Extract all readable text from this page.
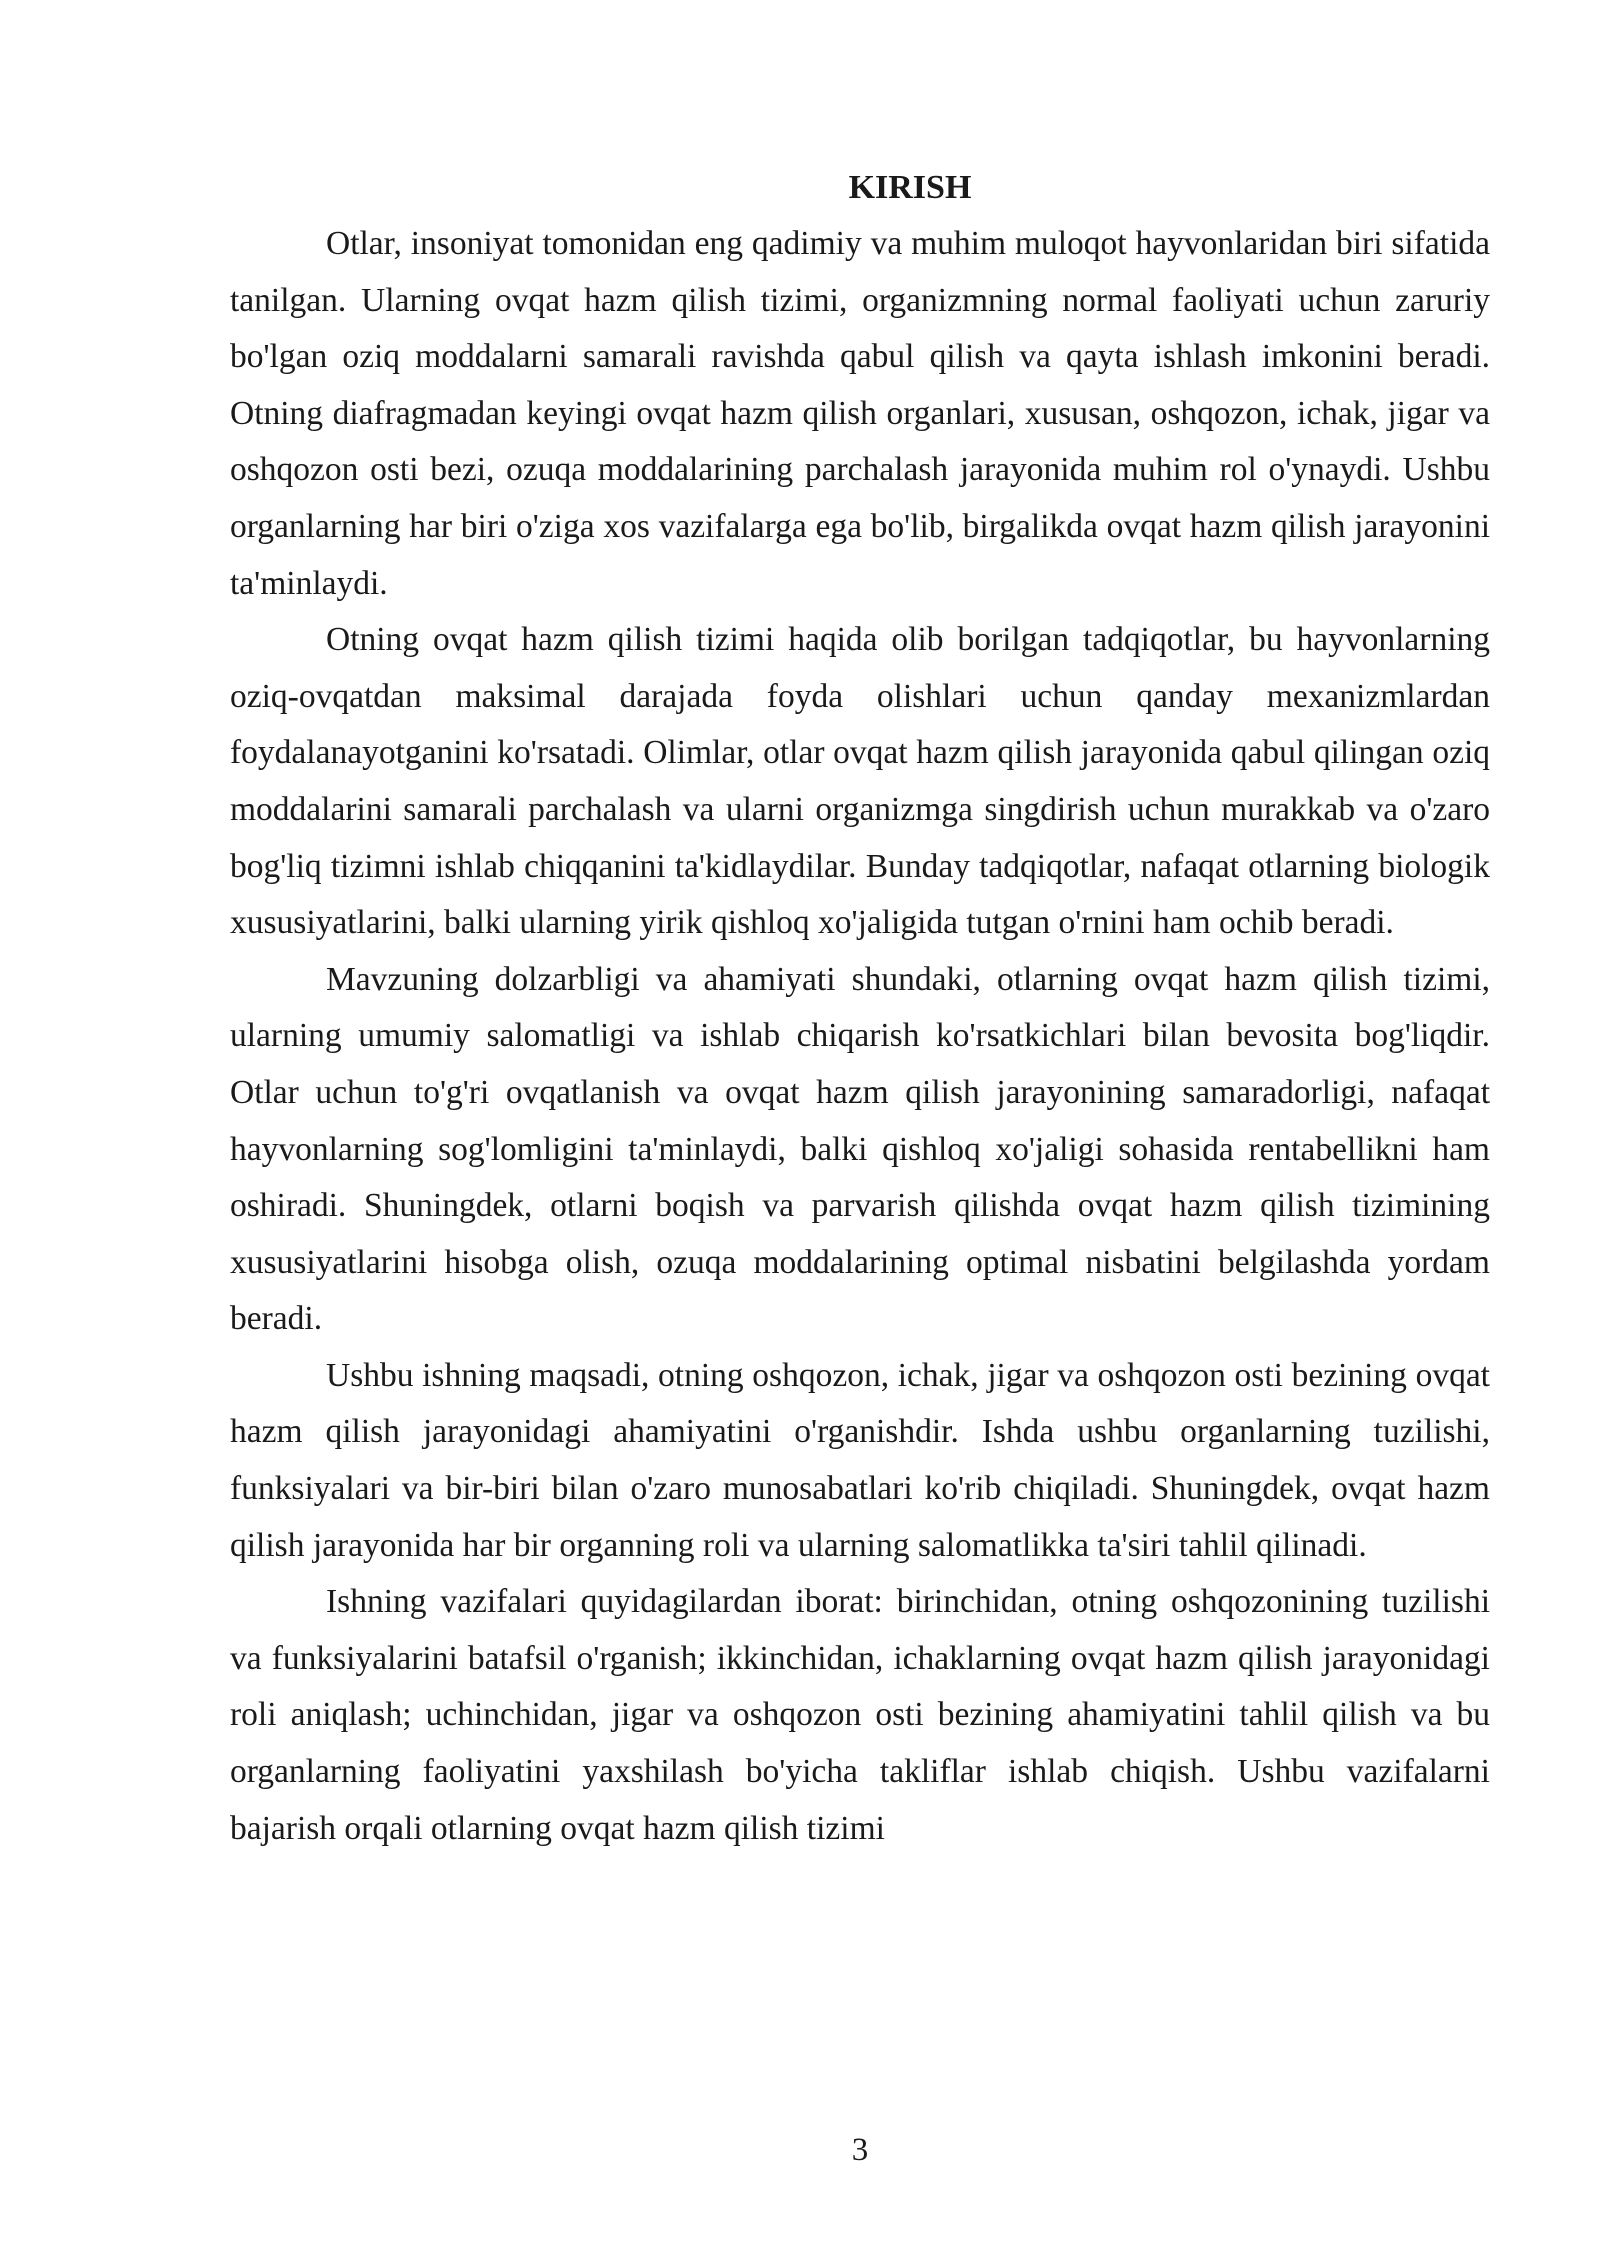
KIRISH

Otlar, insoniyat tomonidan eng qadimiy va muhim muloqot hayvonlaridan biri sifatida tanilgan. Ularning ovqat hazm qilish tizimi, organizmning normal faoliyati uchun zaruriy bo'lgan oziq moddalarni samarali ravishda qabul qilish va qayta ishlash imkonini beradi. Otning diafragmadan keyingi ovqat hazm qilish organlari, xususan, oshqozon, ichak, jigar va oshqozon osti bezi, ozuqa moddalarining parchalash jarayonida muhim rol o'ynaydi. Ushbu organlarning har biri o'ziga xos vazifalarga ega bo'lib, birgalikda ovqat hazm qilish jarayonini ta'minlaydi.

Otning ovqat hazm qilish tizimi haqida olib borilgan tadqiqotlar, bu hayvonlarning oziq-ovqatdan maksimal darajada foyda olishlari uchun qanday mexanizmlardan foydalanayotganini ko'rsatadi. Olimlar, otlar ovqat hazm qilish jarayonida qabul qilingan oziq moddalarini samarali parchalash va ularni organizmga singdirish uchun murakkab va o'zaro bog'liq tizimni ishlab chiqqanini ta'kidlaydilar. Bunday tadqiqotlar, nafaqat otlarning biologik xususiyatlarini, balki ularning yirik qishloq xo'jaligida tutgan o'rnini ham ochib beradi.

Mavzuning dolzarbligi va ahamiyati shundaki, otlarning ovqat hazm qilish tizimi, ularning umumiy salomatligi va ishlab chiqarish ko'rsatkichlari bilan bevosita bog'liqdir. Otlar uchun to'g'ri ovqatlanish va ovqat hazm qilish jarayonining samaradorligi, nafaqat hayvonlarning sog'lomligini ta'minlaydi, balki qishloq xo'jaligi sohasida rentabellikni ham oshiradi. Shuningdek, otlarni boqish va parvarish qilishda ovqat hazm qilish tizimining xususiyatlarini hisobga olish, ozuqa moddalarining optimal nisbatini belgilashda yordam beradi.

Ushbu ishning maqsadi, otning oshqozon, ichak, jigar va oshqozon osti bezining ovqat hazm qilish jarayonidagi ahamiyatini o'rganishdir. Ishda ushbu organlarning tuzilishi, funksiyalari va bir-biri bilan o'zaro munosabatlari ko'rib chiqiladi. Shuningdek, ovqat hazm qilish jarayonida har bir organning roli va ularning salomatlikka ta'siri tahlil qilinadi.

Ishning vazifalari quyidagilardan iborat: birinchidan, otning oshqozonining tuzilishi va funksiyalarini batafsil o'rganish; ikkinchidan, ichaklarning ovqat hazm qilish jarayonidagi roli aniqlash; uchinchidan, jigar va oshqozon osti bezining ahamiyatini tahlil qilish va bu organlarning faoliyatini yaxshilash bo'yicha takliflar ishlab chiqish. Ushbu vazifalarni bajarish orqali otlarning ovqat hazm qilish tizimi

3
